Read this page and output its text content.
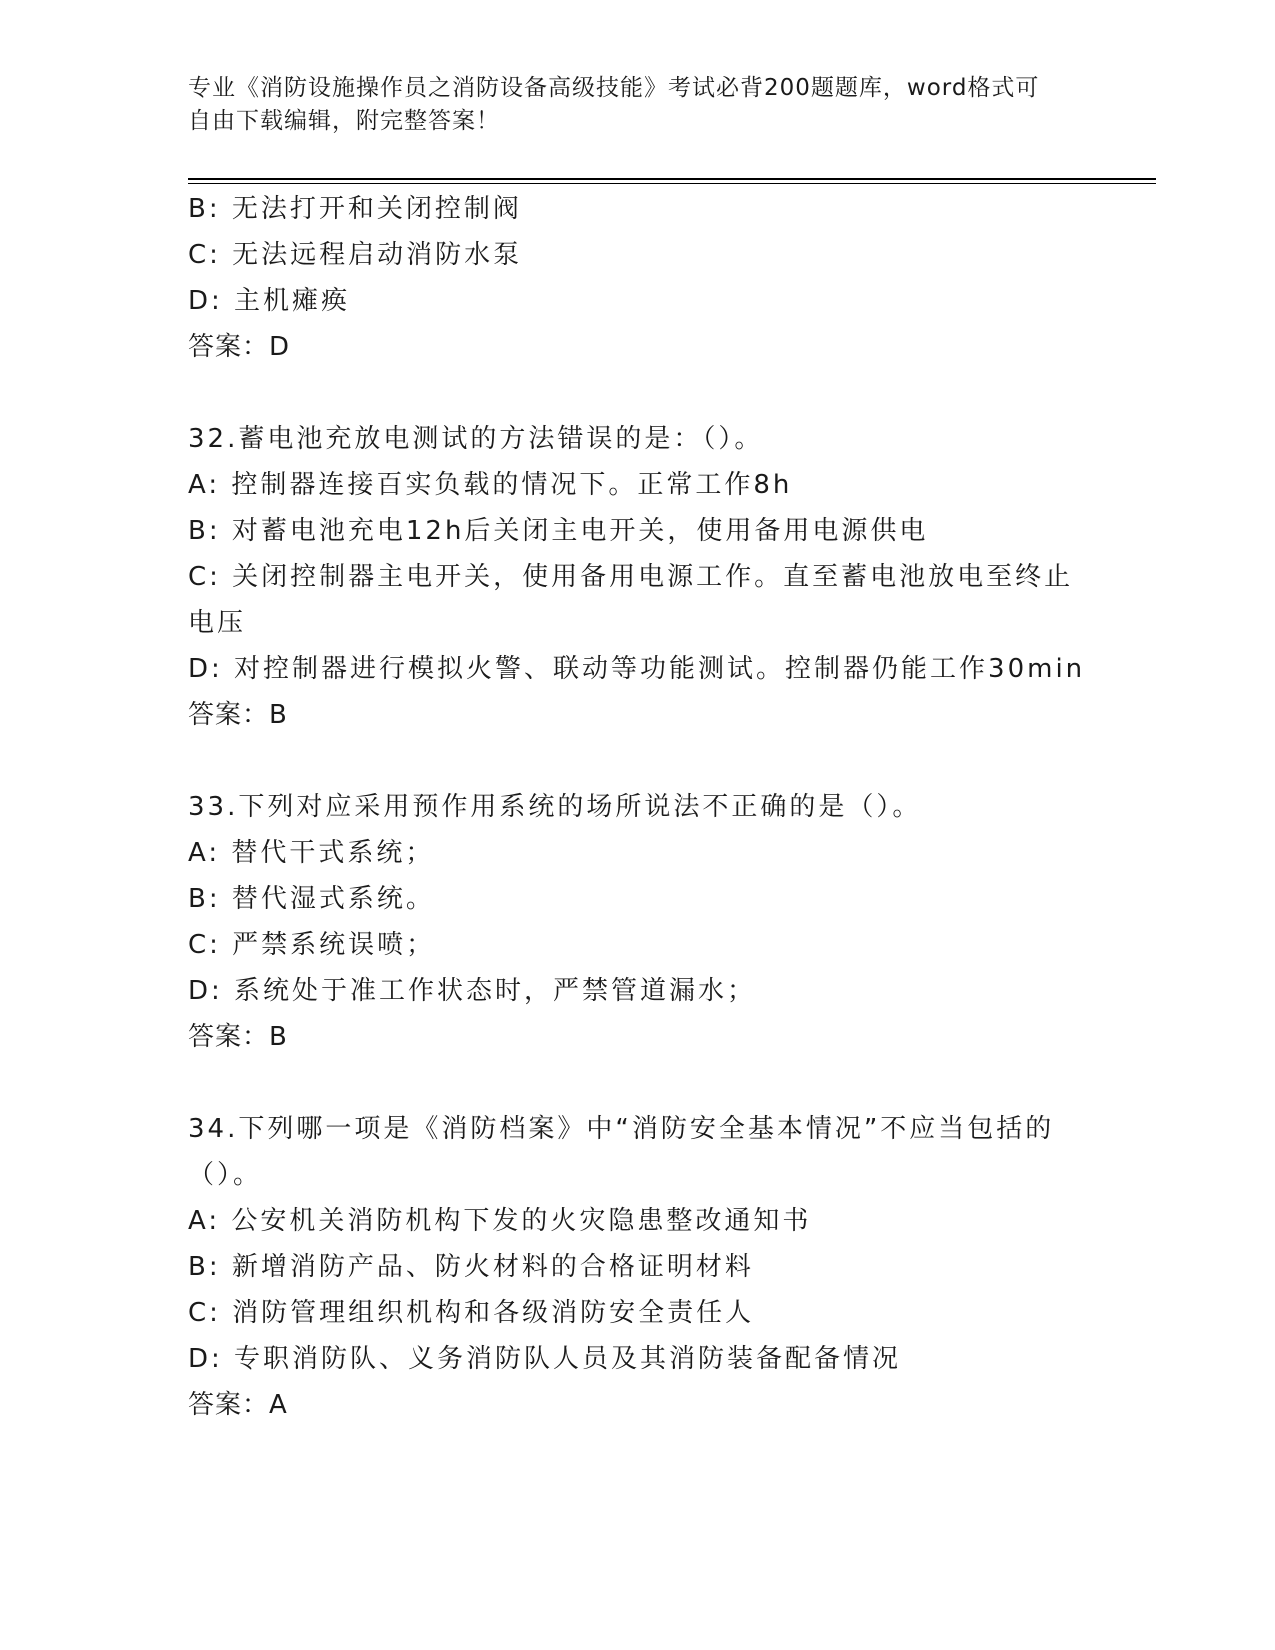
专业《消防设施操作员之消防设备高级技能》考试必背200题题库，word格式可
自由下载编辑，附完整答案！
B: 无法打开和关闭控制阀
C: 无法远程启动消防水泵
D: 主机瘫痪
答案：D
32.蓄电池充放电测试的方法错误的是：（）。
A: 控制器连接百实负载的情况下。正常工作8h
B: 对蓄电池充电12h后关闭主电开关，使用备用电源供电
C: 关闭控制器主电开关，使用备用电源工作。直至蓄电池放电至终止
电压
D: 对控制器进行模拟火警、联动等功能测试。控制器仍能工作30min
答案：B
33.下列对应采用预作用系统的场所说法不正确的是（）。
A: 替代干式系统；
B: 替代湿式系统。
C: 严禁系统误喷；
D: 系统处于准工作状态时，严禁管道漏水；
答案：B
34.下列哪一项是《消防档案》中“消防安全基本情况”不应当包括的
（）。
A: 公安机关消防机构下发的火灾隐患整改通知书
B: 新增消防产品、防火材料的合格证明材料
C: 消防管理组织机构和各级消防安全责任人
D: 专职消防队、义务消防队人员及其消防装备配备情况
答案：A
